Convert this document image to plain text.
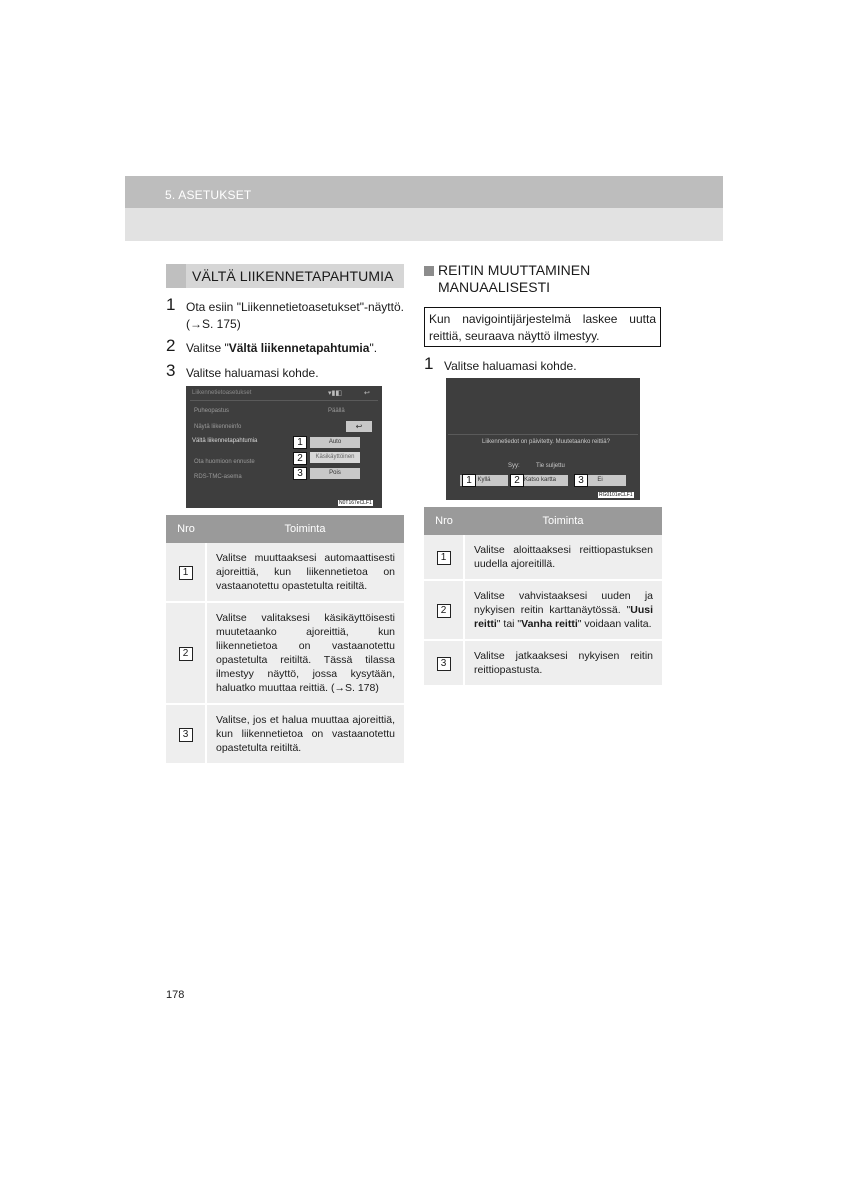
5. ASETUKSET
VÄLTÄ LIIKENNETAPAHTUMIA
1 Ota esiin "Liikennetietoasetukset"-näyttö.
(→S. 175)
2 Valitse "Vältä liikennetapahtumia".
3 Valitse haluamasi kohde.
Liikennetietoasetukset	▾▮◧	↩
Puheopastus	Päällä
Näytä liikenneinfo	↩
Vältä liikennetapahtumia
Ota huomioon ennuste
RDS-TMC-asema
Auto
Käsikäyttöinen
Pois
1
2
3
N0T167eCLF1
Nro	Toiminta
1	Valitse muuttaaksesi automaattisesti ajoreittiä, kun liikennetietoa on vastaanotettu opastetulta reitiltä.
2	Valitse valitaksesi käsikäyttöisesti muutetaanko ajoreittiä, kun liikennetietoa on vastaanotettu opastetulta reitiltä. Tässä tilassa ilmestyy näyttö, jossa kysytään, haluatko muuttaa reittiä. (→S. 178)
3	Valitse, jos et halua muuttaa ajoreittiä, kun liikennetietoa on vastaanotettu opastetulta reitiltä.
REITIN MUUTTAMINEN
MANUAALISESTI
Kun navigointijärjestelmä laskee uutta reittiä, seuraava näyttö ilmestyy.
1 Valitse haluamasi kohde.
Liikennetiedot on päivitetty. Muutetaanko reittiä?
Syy:	Tie suljettu
Kyllä	Katso kartta	Ei
1	2	3
RG0101eCLF1
Nro	Toiminta
1	Valitse aloittaaksesi reittiopastuksen uudella ajoreitillä.
2	Valitse vahvistaaksesi uuden ja nykyisen reitin karttanäytössä. "Uusi reitti" tai "Vanha reitti" voidaan valita.
3	Valitse jatkaaksesi nykyisen reitin reittiopastusta.
178
